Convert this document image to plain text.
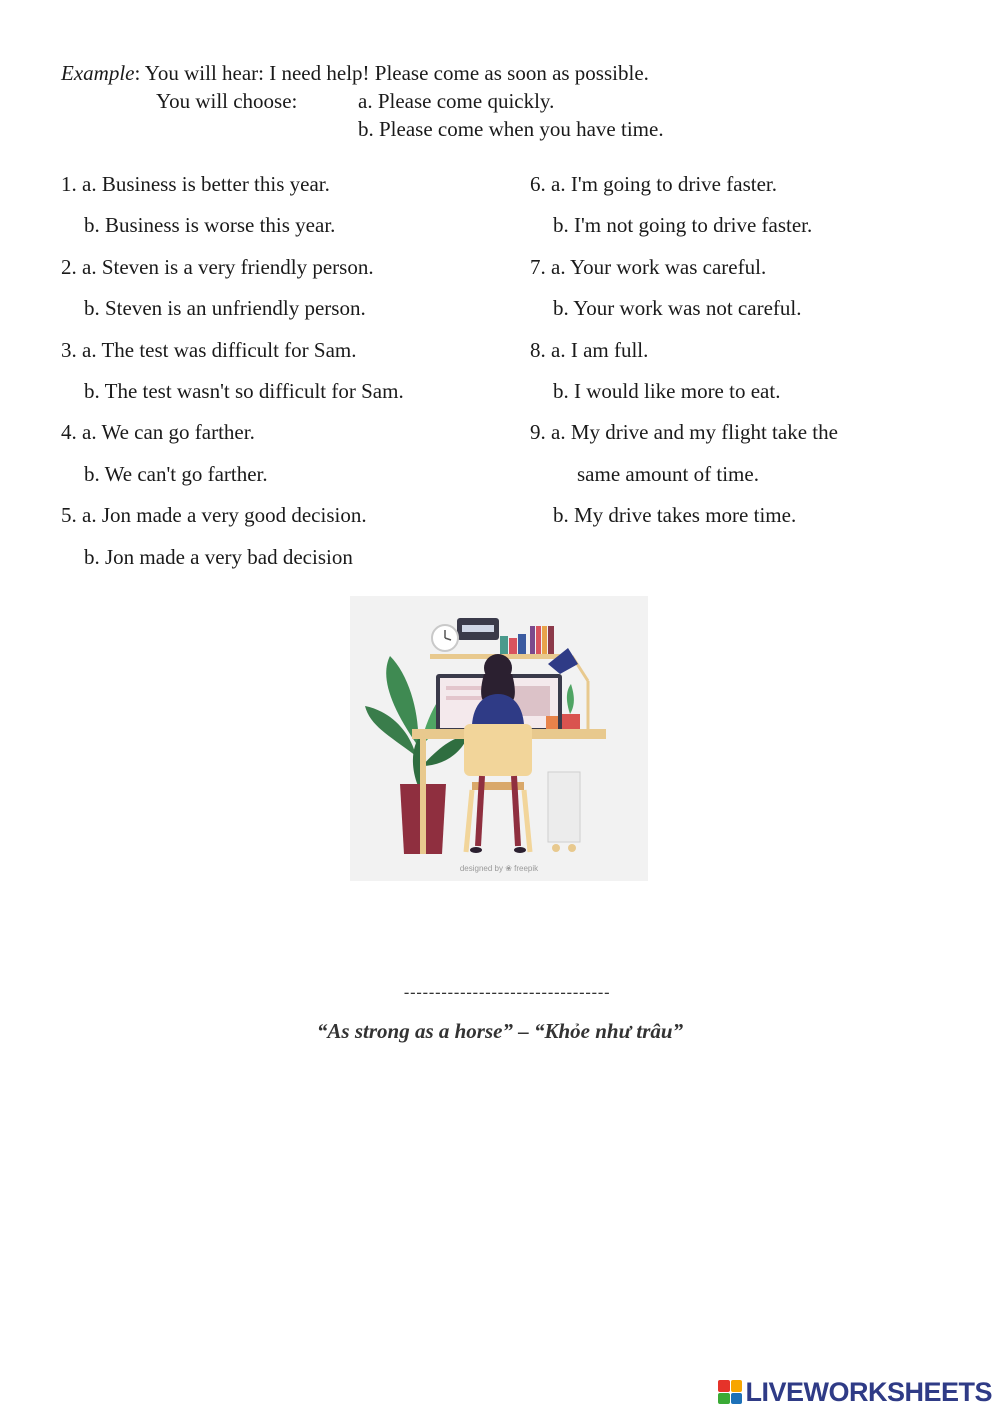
Example: You will hear: I need help! Please come as soon as possible.
You will choose:	a. Please come quickly.
b. Please come when you have time.
1. a. Business is better this year.
b. Business is worse this year.
2. a. Steven is a very friendly person.
b. Steven is an unfriendly person.
3. a. The test was difficult for Sam.
b. The test wasn't so difficult for Sam.
4. a. We can go farther.
b. We can't go farther.
5. a. Jon made a very good decision.
b. Jon made a very bad decision
6. a. I'm going to drive faster.
b. I'm not going to drive faster.
7. a. Your work was careful.
b. Your work was not careful.
8. a. I am full.
b. I would like more to eat.
9. a. My drive and my flight take the
same amount of time.
b. My drive takes more time.
designed by ❀ freepik
---------------------------------
“As strong as a horse” – “Khỏe như trâu”
LIVEWORKSHEETS
